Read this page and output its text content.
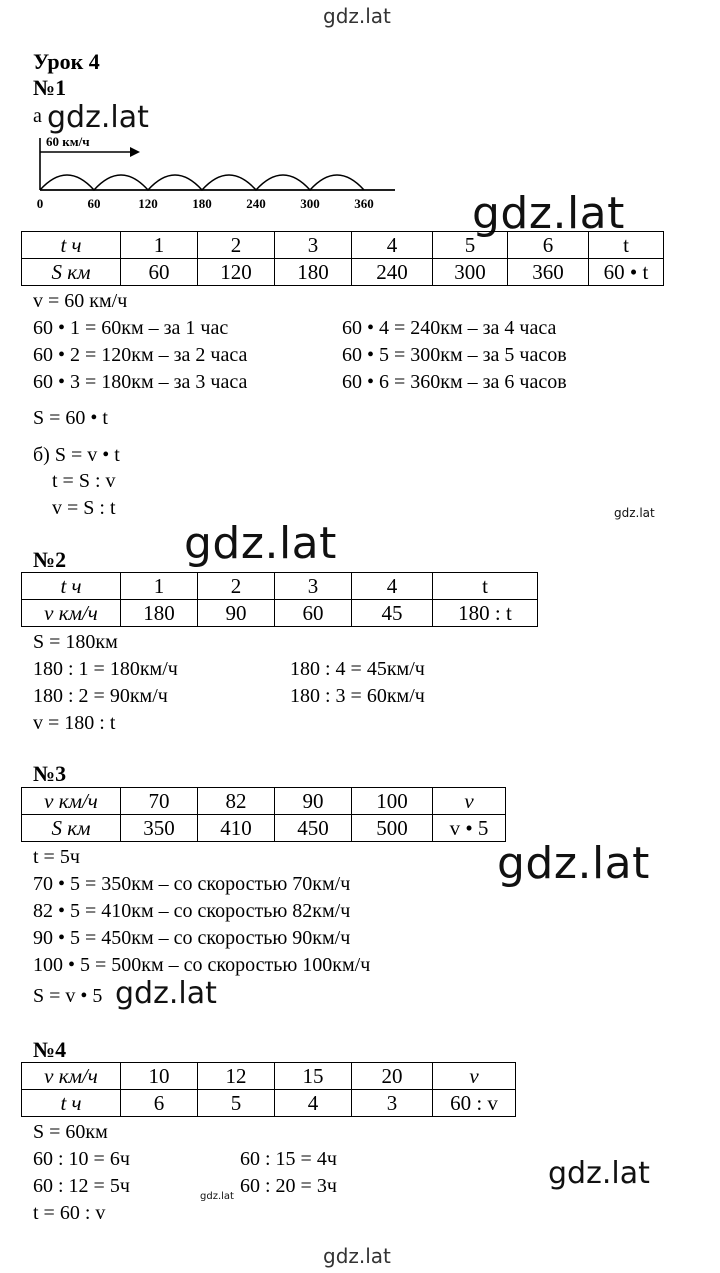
gdz.lat
gdz.lat
gdz.lat
gdz.lat
gdz.lat
gdz.lat
gdz.lat
gdz.lat
gdz.lat
gdz.lat
Урок 4
№1
а
60 км/ч
0	60	120	180	240	300	360
t ч	1	2	3	4	5	6	t
S км	60	120	180	240	300	360	60 • t
v = 60 км/ч
60 • 1 = 60км – за 1 час
60 • 2 = 120км – за 2 часа
60 • 3 = 180км – за 3 часа
60 • 4 = 240км – за 4 часа
60 • 5 = 300км – за 5 часов
60 • 6 = 360км – за 6 часов
S = 60 • t
б) S = v • t
t = S : v
v = S : t
№2
t ч	1	2	3	4	t
v км/ч	180	90	60	45	180 : t
S = 180км
180 : 1 = 180км/ч
180 : 2 = 90км/ч
180 : 4 = 45км/ч
180 : 3 = 60км/ч
v = 180 : t
№3
v км/ч	70	82	90	100	v
S км	350	410	450	500	v • 5
t = 5ч
70 • 5 = 350км – со скоростью 70км/ч
82 • 5 = 410км – со скоростью 82км/ч
90 • 5 = 450км – со скоростью 90км/ч
100 • 5 = 500км – со скоростью 100км/ч
S = v • 5
№4
v км/ч	10	12	15	20	v
t ч	6	5	4	3	60 : v
S = 60км
60 : 10 = 6ч
60 : 12 = 5ч
60 : 15 = 4ч
60 : 20 = 3ч
t = 60 : v
